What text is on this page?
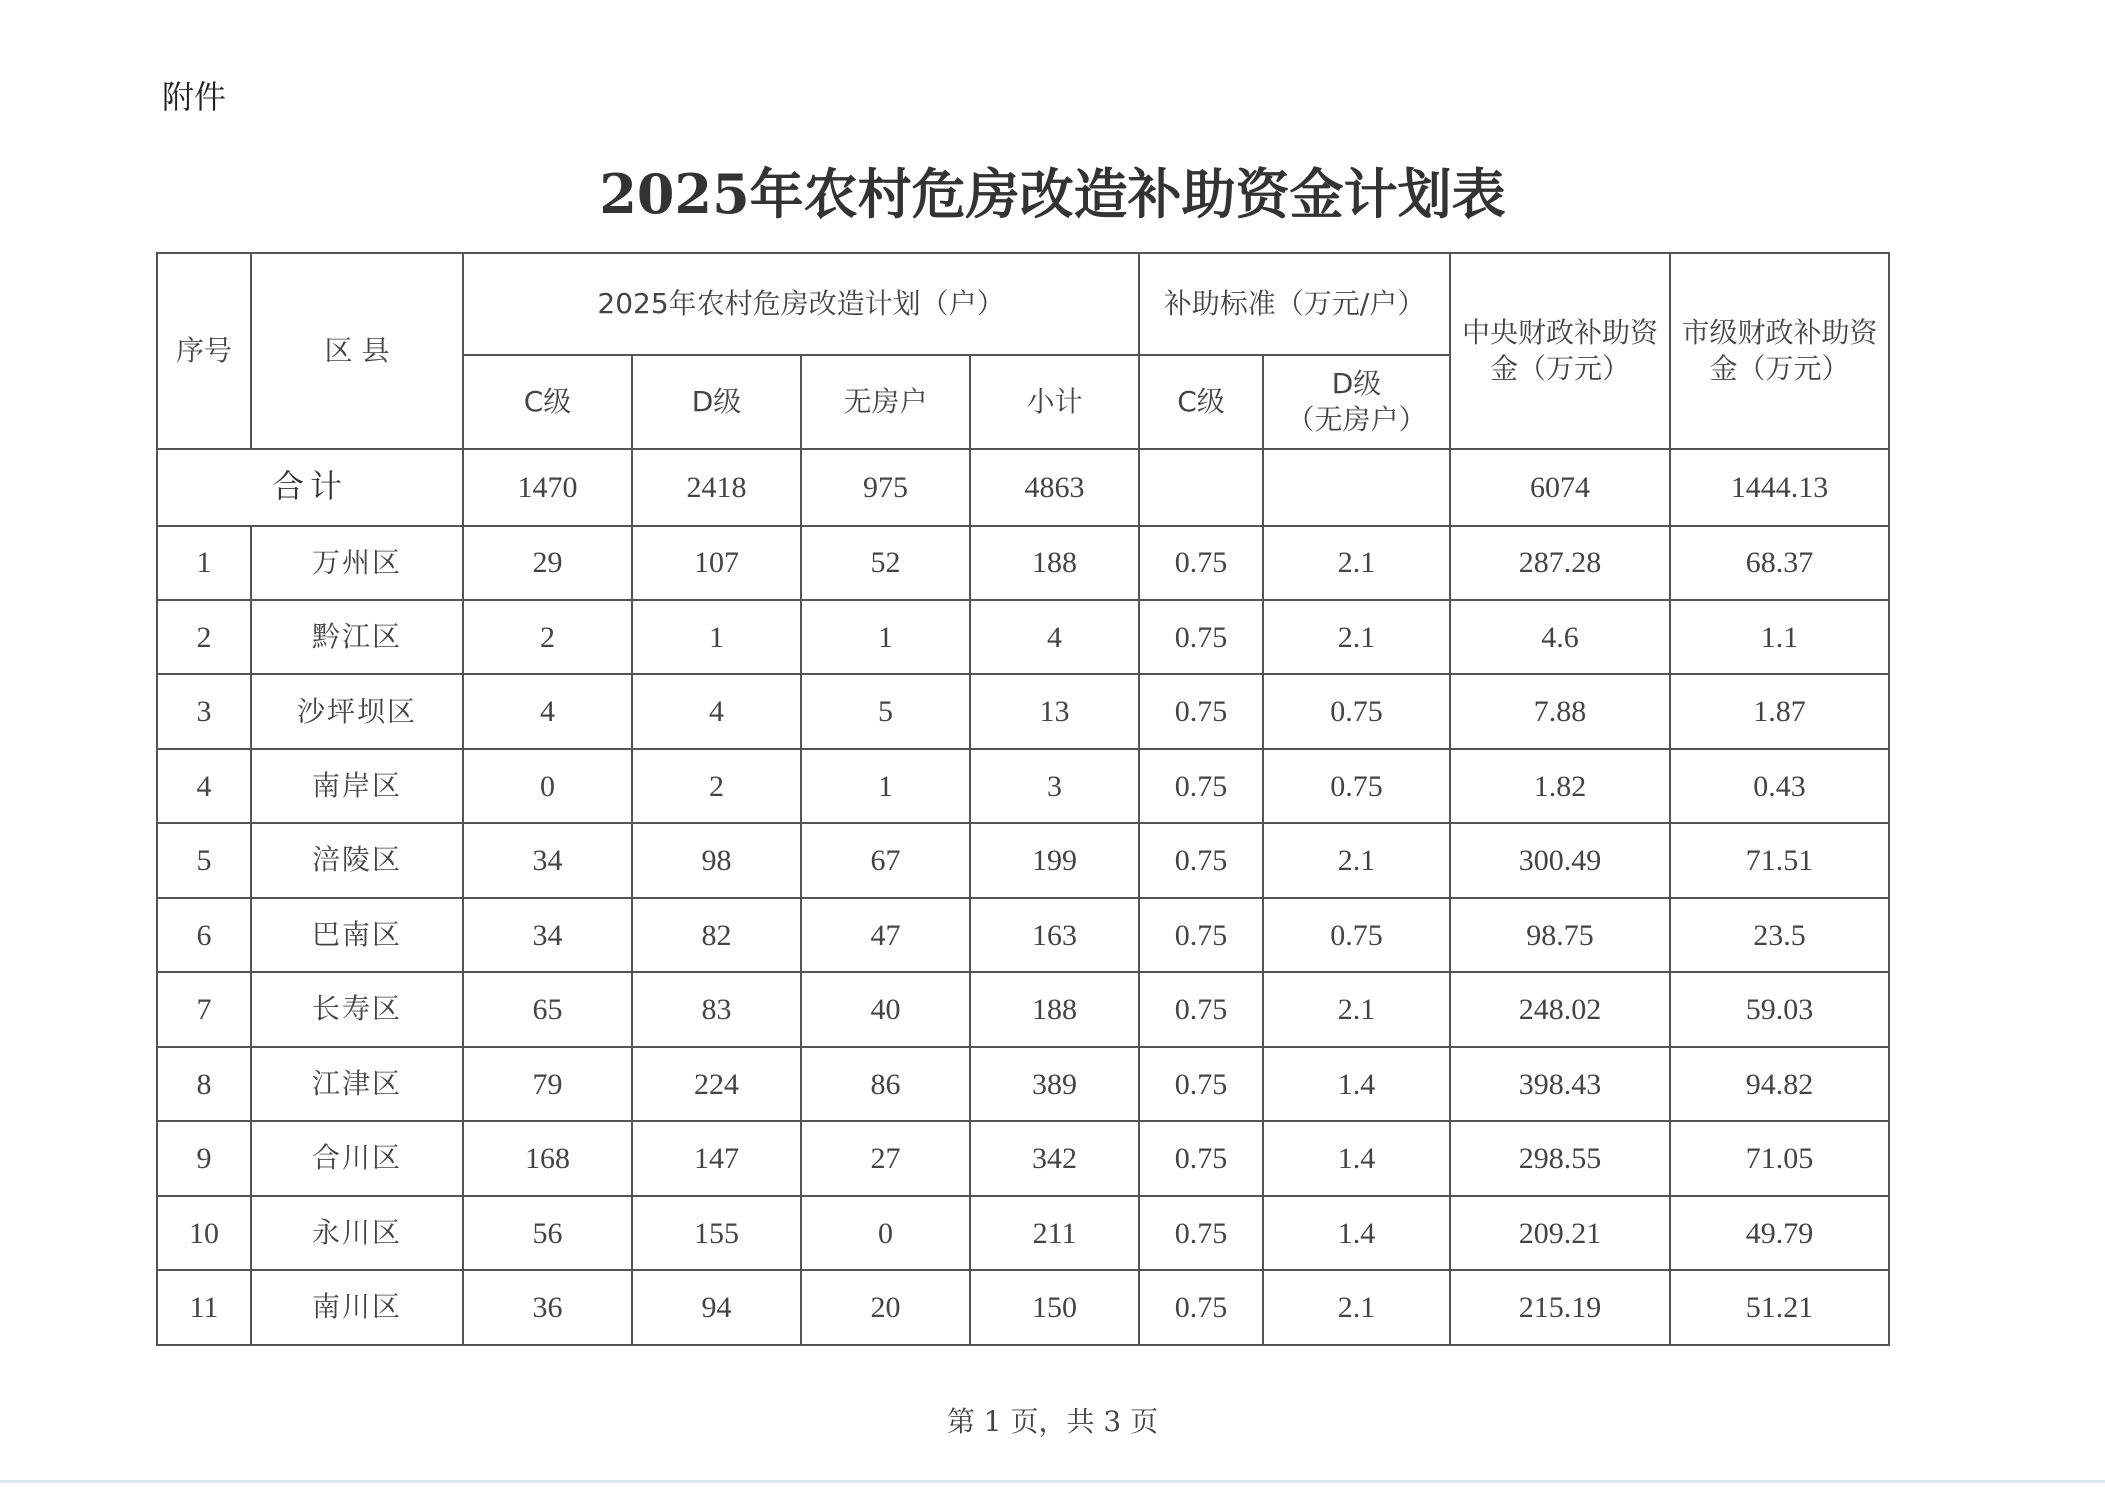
附件
2025年农村危房改造补助资金计划表
序号	区 县	2025年农村危房改造计划（户）				补助标准（万元/户）		中央财政补助资金（万元）	市级财政补助资金（万元）
		C级	D级	无房户	小计	C级	D级
（无房户）		

合计		1470	2418	975	4863			6074	1444.13
1	万州区	29	107	52	188	0.75	2.1	287.28	68.37
2	黔江区	2	1	1	4	0.75	2.1	4.6	1.1
3	沙坪坝区	4	4	5	13	0.75	0.75	7.88	1.87
4	南岸区	0	2	1	3	0.75	0.75	1.82	0.43
5	涪陵区	34	98	67	199	0.75	2.1	300.49	71.51
6	巴南区	34	82	47	163	0.75	0.75	98.75	23.5
7	长寿区	65	83	40	188	0.75	2.1	248.02	59.03
8	江津区	79	224	86	389	0.75	1.4	398.43	94.82
9	合川区	168	147	27	342	0.75	1.4	298.55	71.05
10	永川区	56	155	0	211	0.75	1.4	209.21	49.79
11	南川区	36	94	20	150	0.75	2.1	215.19	51.21
第 1 页，共 3 页
